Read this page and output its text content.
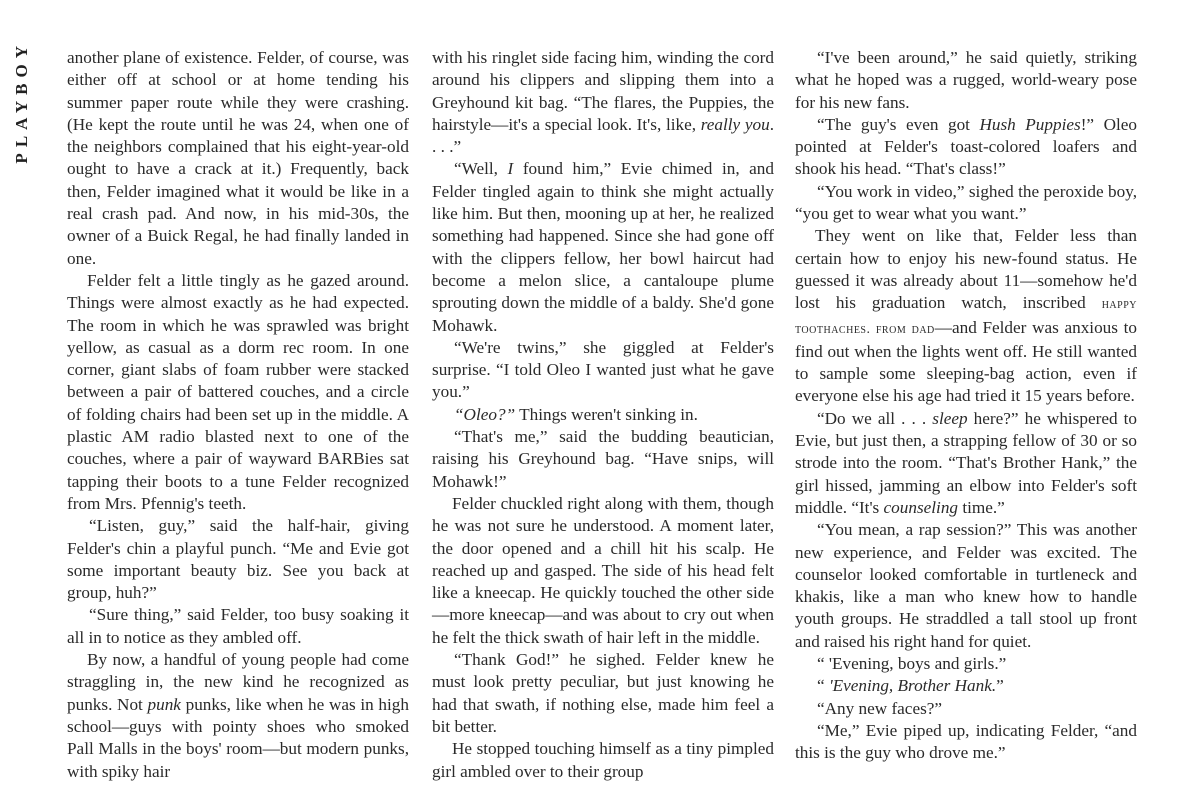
PLAYBOY another plane of existence. Felder, of course, was either off at school or at home tending his summer paper route while they were crashing. (He kept the route until he was 24, when one of the neighbors complained that his eight-year-old ought to have a crack at it.) Frequently, back then, Felder imagined what it would be like in a real crash pad. And now, in his mid-30s, the owner of a Buick Regal, he had finally landed in one.

Felder felt a little tingly as he gazed around. Things were almost exactly as he had expected. The room in which he was sprawled was bright yellow, as casual as a dorm rec room. In one corner, giant slabs of foam rubber were stacked between a pair of battered couches, and a circle of folding chairs had been set up in the middle. A plastic AM radio blasted next to one of the couches, where a pair of wayward BARBies sat tapping their boots to a tune Felder recognized from Mrs. Pfennig's teeth.

“Listen, guy,” said the half-hair, giving Felder's chin a playful punch. “Me and Evie got some important beauty biz. See you back at group, huh?”

“Sure thing,” said Felder, too busy soaking it all in to notice as they ambled off.

By now, a handful of young people had come straggling in, the new kind he recognized as punks. Not punk punks, like when he was in high school—guys with pointy shoes who smoked Pall Malls in the boys' room—but modern punks, with spiky hair

with his ringlet side facing him, winding the cord around his clippers and slipping them into a Greyhound kit bag. “The flares, the Puppies, the hairstyle—it's a special look. It's, like, really you. . . .”

“Well, I found him,” Evie chimed in, and Felder tingled again to think she might actually like him. But then, mooning up at her, he realized something had happened. Since she had gone off with the clippers fellow, her bowl haircut had become a melon slice, a cantaloupe plume sprouting down the middle of a baldy. She'd gone Mohawk.

“We're twins,” she giggled at Felder's surprise. “I told Oleo I wanted just what he gave you.”

“Oleo?” Things weren't sinking in.

“That's me,” said the budding beautician, raising his Greyhound bag. “Have snips, will Mohawk!”

Felder chuckled right along with them, though he was not sure he understood. A moment later, the door opened and a chill hit his scalp. He reached up and gasped. The side of his head felt like a kneecap. He quickly touched the other side—more kneecap—and was about to cry out when he felt the thick swath of hair left in the middle.

“Thank God!” he sighed. Felder knew he must look pretty peculiar, but just knowing he had that swath, if nothing else, made him feel a bit better.

He stopped touching himself as a tiny pimpled girl ambled over to their group

“I've been around,” he said quietly, striking what he hoped was a rugged, world-weary pose for his new fans.

“The guy's even got Hush Puppies!” Oleo pointed at Felder's toast-colored loafers and shook his head. “That's class!”

“You work in video,” sighed the peroxide boy, “you get to wear what you want.”

They went on like that, Felder less than certain how to enjoy his new-found status. He guessed it was already about 11—somehow he'd lost his graduation watch, inscribed happy toothaches. from dad—and Felder was anxious to find out when the lights went off. He still wanted to sample some sleeping-bag action, even if everyone else his age had tried it 15 years before.

“Do we all . . . sleep here?” he whispered to Evie, but just then, a strapping fellow of 30 or so strode into the room. “That's Brother Hank,” the girl hissed, jamming an elbow into Felder's soft middle. “It's counseling time.”

“You mean, a rap session?” This was another new experience, and Felder was excited. The counselor looked comfortable in turtleneck and khakis, like a man who knew how to handle youth groups. He straddled a tall stool up front and raised his right hand for quiet.

“ 'Evening, boys and girls.”

“ 'Evening, Brother Hank.”

“Any new faces?”

“Me,” Evie piped up, indicating Felder, “and this is the guy who drove me.”
